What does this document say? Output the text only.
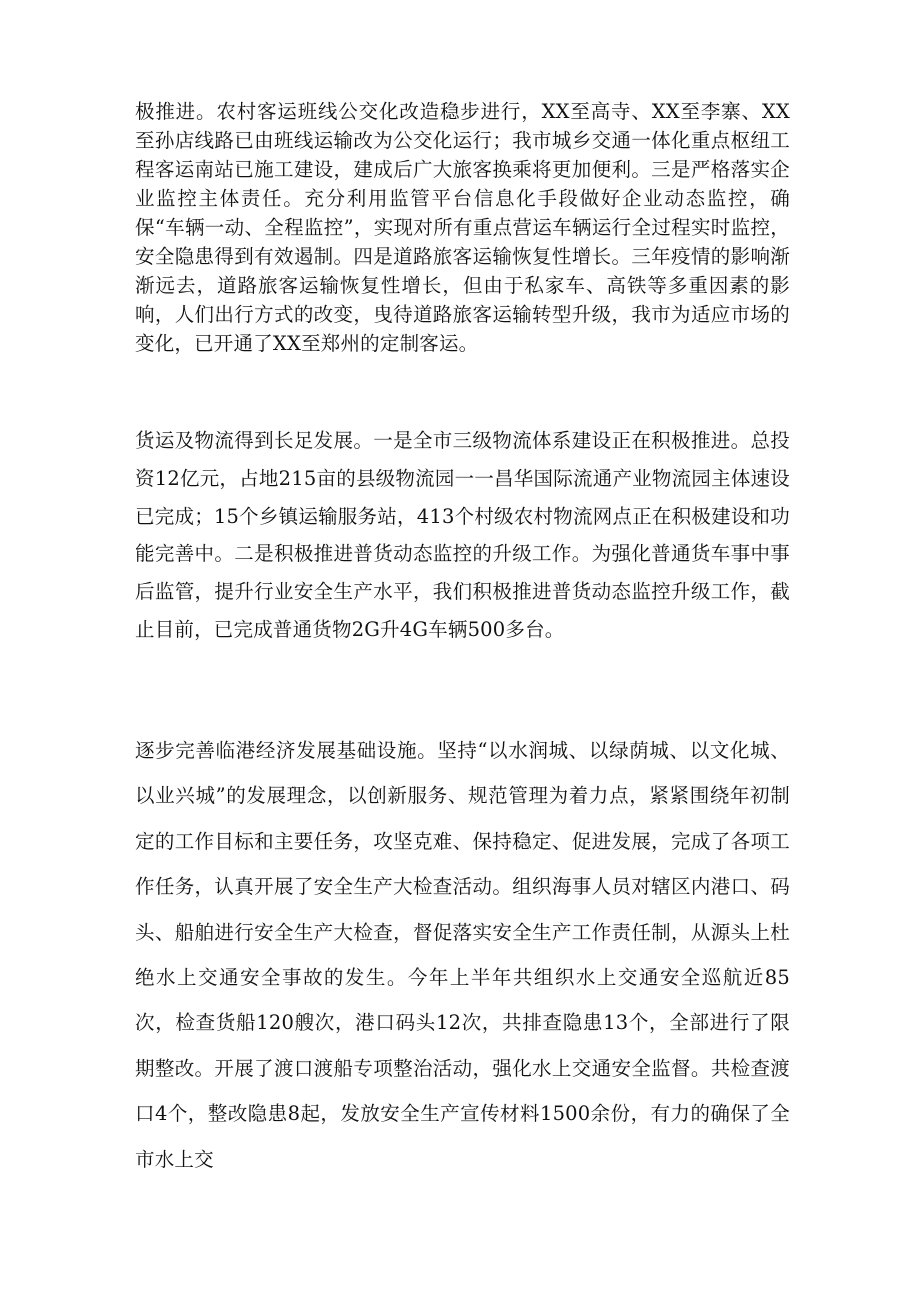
极推进。农村客运班线公交化改造稳步进行，XX至高寺、XX至李寨、XX至孙店线路已由班线运输改为公交化运行；我市城乡交通一体化重点枢纽工程客运南站已施工建设，建成后广大旅客换乘将更加便利。三是严格落实企业监控主体责任。充分利用监管平台信息化手段做好企业动态监控，确保“车辆一动、全程监控”，实现对所有重点营运车辆运行全过程实时监控，安全隐患得到有效遏制。四是道路旅客运输恢复性增长。三年疫情的影响渐渐远去，道路旅客运输恢复性增长，但由于私家车、高铁等多重因素的影响，人们出行方式的改变，曳待道路旅客运输转型升级，我市为适应市场的变化，已开通了XX至郑州的定制客运。

货运及物流得到长足发展。一是全市三级物流体系建设正在积极推进。总投资12亿元，占地215亩的县级物流园一一昌华国际流通产业物流园主体速设已完成；15个乡镇运输服务站，413个村级农村物流网点正在积极建设和功能完善中。二是积极推进普货动态监控的升级工作。为强化普通货车事中事后监管，提升行业安全生产水平，我们积极推进普货动态监控升级工作，截止目前，已完成普通货物2G升4G车辆500多台。

逐步完善临港经济发展基础设施。坚持“以水润城、以绿荫城、以文化城、以业兴城”的发展理念，以创新服务、规范管理为着力点，紧紧围绕年初制定的工作目标和主要任务，攻坚克难、保持稳定、促进发展，完成了各项工作任务，认真开展了安全生产大检查活动。组织海事人员对辖区内港口、码头、船舶进行安全生产大检查，督促落实安全生产工作责任制，从源头上杜绝水上交通安全事故的发生。今年上半年共组织水上交通安全巡航近85次，检查货船120艘次，港口码头12次，共排查隐患13个，全部进行了限期整改。开展了渡口渡船专项整治活动，强化水上交通安全监督。共检查渡口4个，整改隐患8起，发放安全生产宣传材料1500余份，有力的确保了全市水上交
